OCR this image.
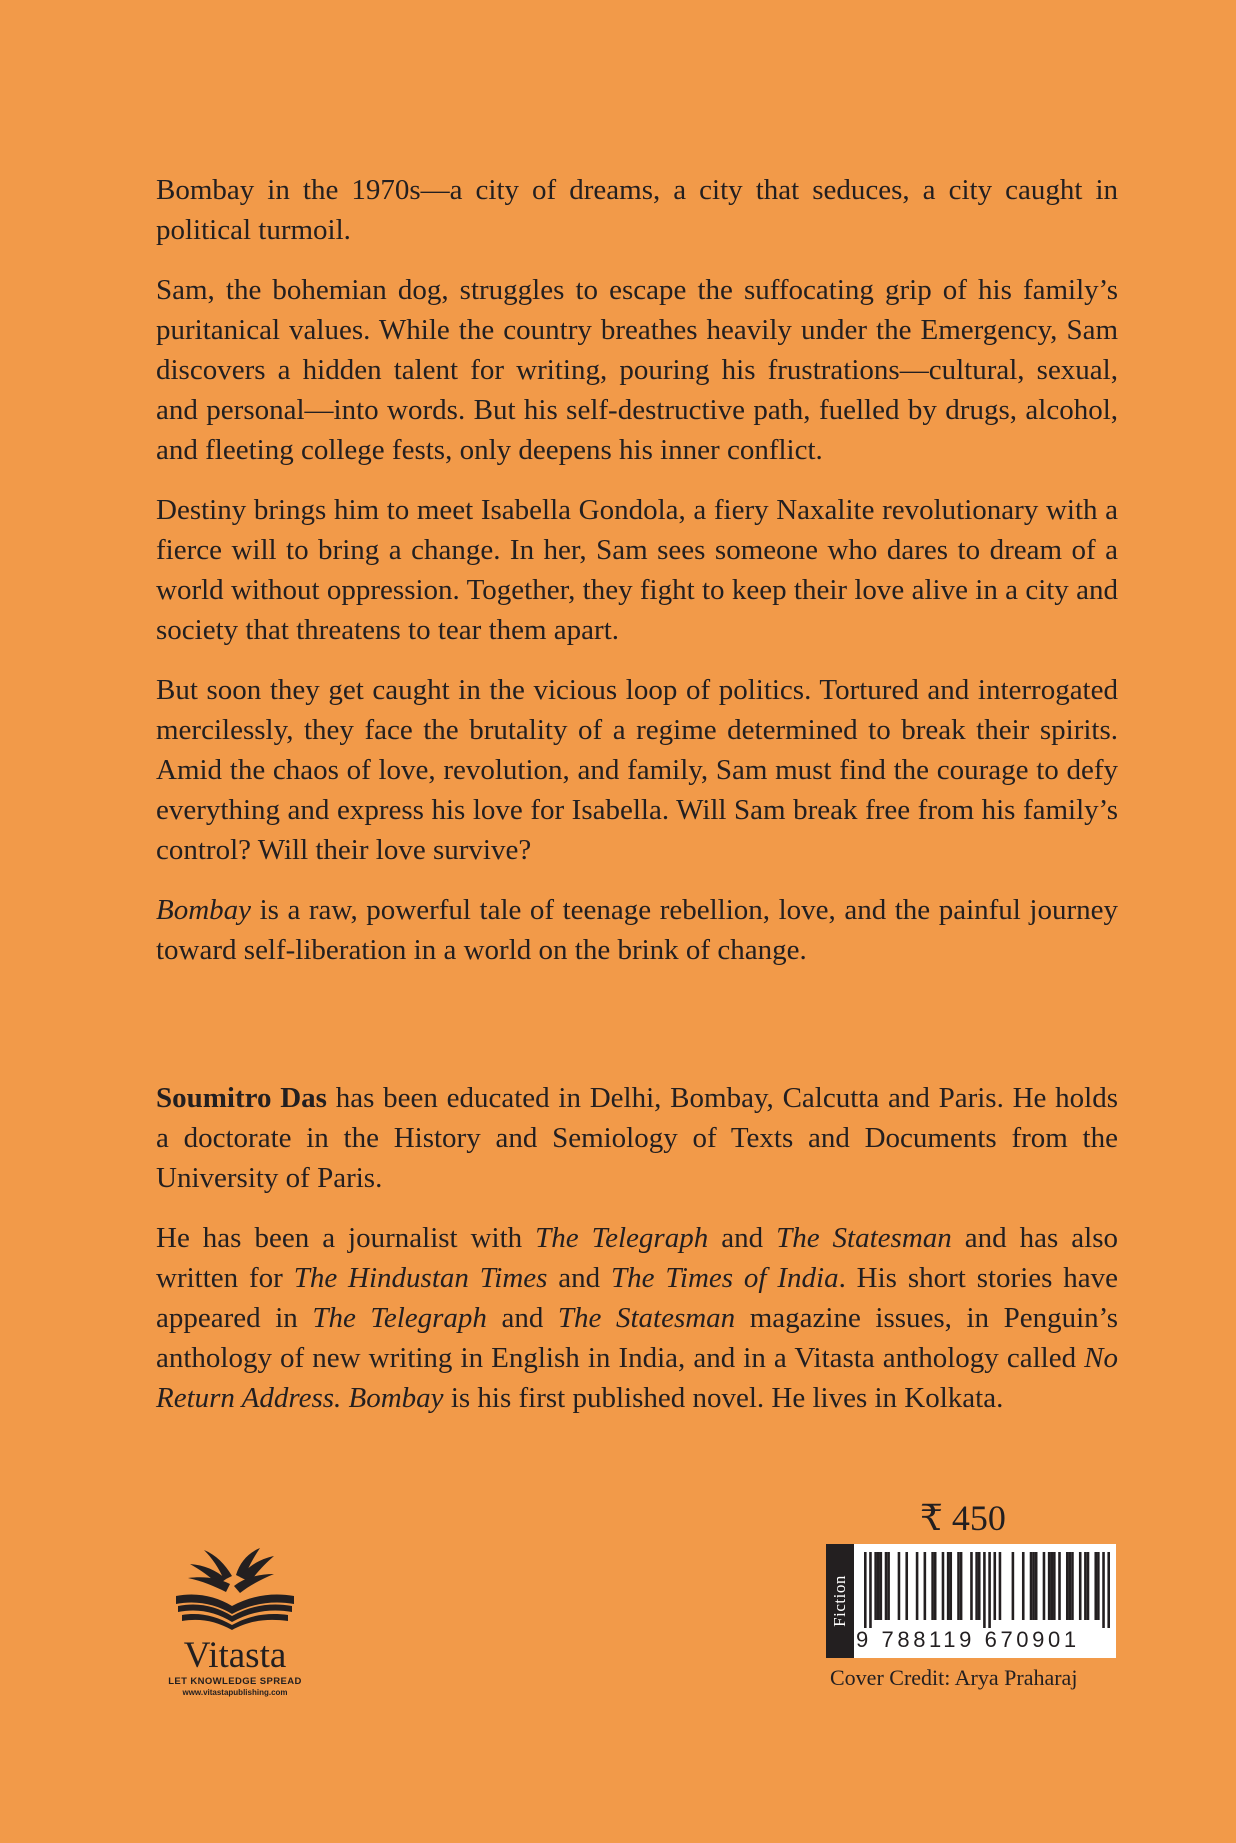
Bombay in the 1970s—a city of dreams, a city that seduces, a city caught in political turmoil.

Sam, the bohemian dog, struggles to escape the suffocating grip of his family’s puritanical values. While the country breathes heavily under the Emergency, Sam discovers a hidden talent for writing, pouring his frustrations—cultural, sexual, and personal—into words. But his self-destructive path, fuelled by drugs, alcohol, and fleeting college fests, only deepens his inner conflict.

Destiny brings him to meet Isabella Gondola, a fiery Naxalite revolutionary with a fierce will to bring a change. In her, Sam sees someone who dares to dream of a world without oppression. Together, they fight to keep their love alive in a city and society that threatens to tear them apart.

But soon they get caught in the vicious loop of politics. Tortured and interrogated mercilessly, they face the brutality of a regime determined to break their spirits. Amid the chaos of love, revolution, and family, Sam must find the courage to defy everything and express his love for Isabella. Will Sam break free from his family’s control? Will their love survive?

Bombay is a raw, powerful tale of teenage rebellion, love, and the painful journey toward self-liberation in a world on the brink of change.

Soumitro Das has been educated in Delhi, Bombay, Calcutta and Paris. He holds a doctorate in the History and Semiology of Texts and Documents from the University of Paris.

He has been a journalist with The Telegraph and The Statesman and has also written for The Hindustan Times and The Times of India. His short stories have appeared in The Telegraph and The Statesman magazine issues, in Penguin’s anthology of new writing in English in India, and in a Vitasta anthology called No Return Address. Bombay is his first published novel. He lives in Kolkata.

Vitasta
LET KNOWLEDGE SPREAD
www.vitastapublishing.com
₹ 450
Fiction
9 788119 670901
Cover Credit: Arya Praharaj
